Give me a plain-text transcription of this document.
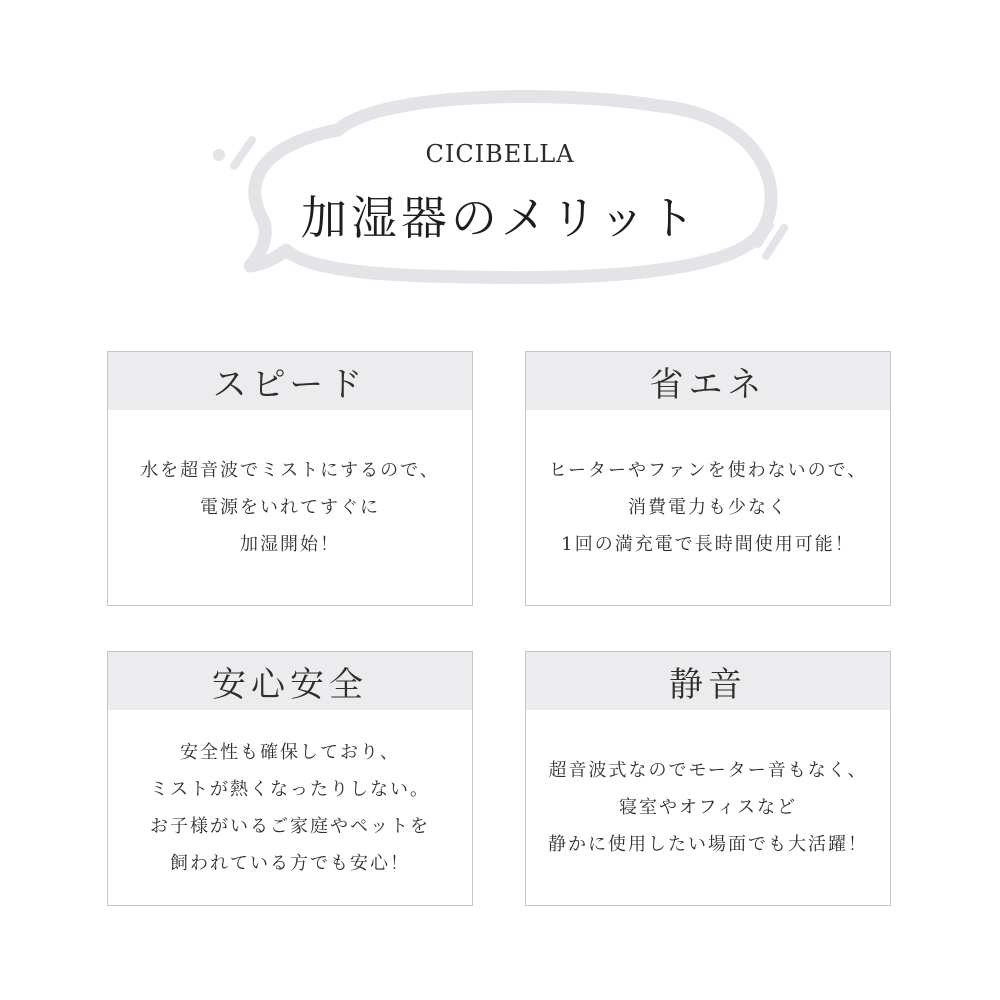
CICIBELLA
加湿器のメリット
スピード
水を超音波でミストにするので、
電源をいれてすぐに
加湿開始！
省エネ
ヒーターやファンを使わないので、
消費電力も少なく
1回の満充電で長時間使用可能！
安心安全
安全性も確保しており、
ミストが熱くなったりしない。
お子様がいるご家庭やペットを
飼われている方でも安心！
静音
超音波式なのでモーター音もなく、
寝室やオフィスなど
静かに使用したい場面でも大活躍！
